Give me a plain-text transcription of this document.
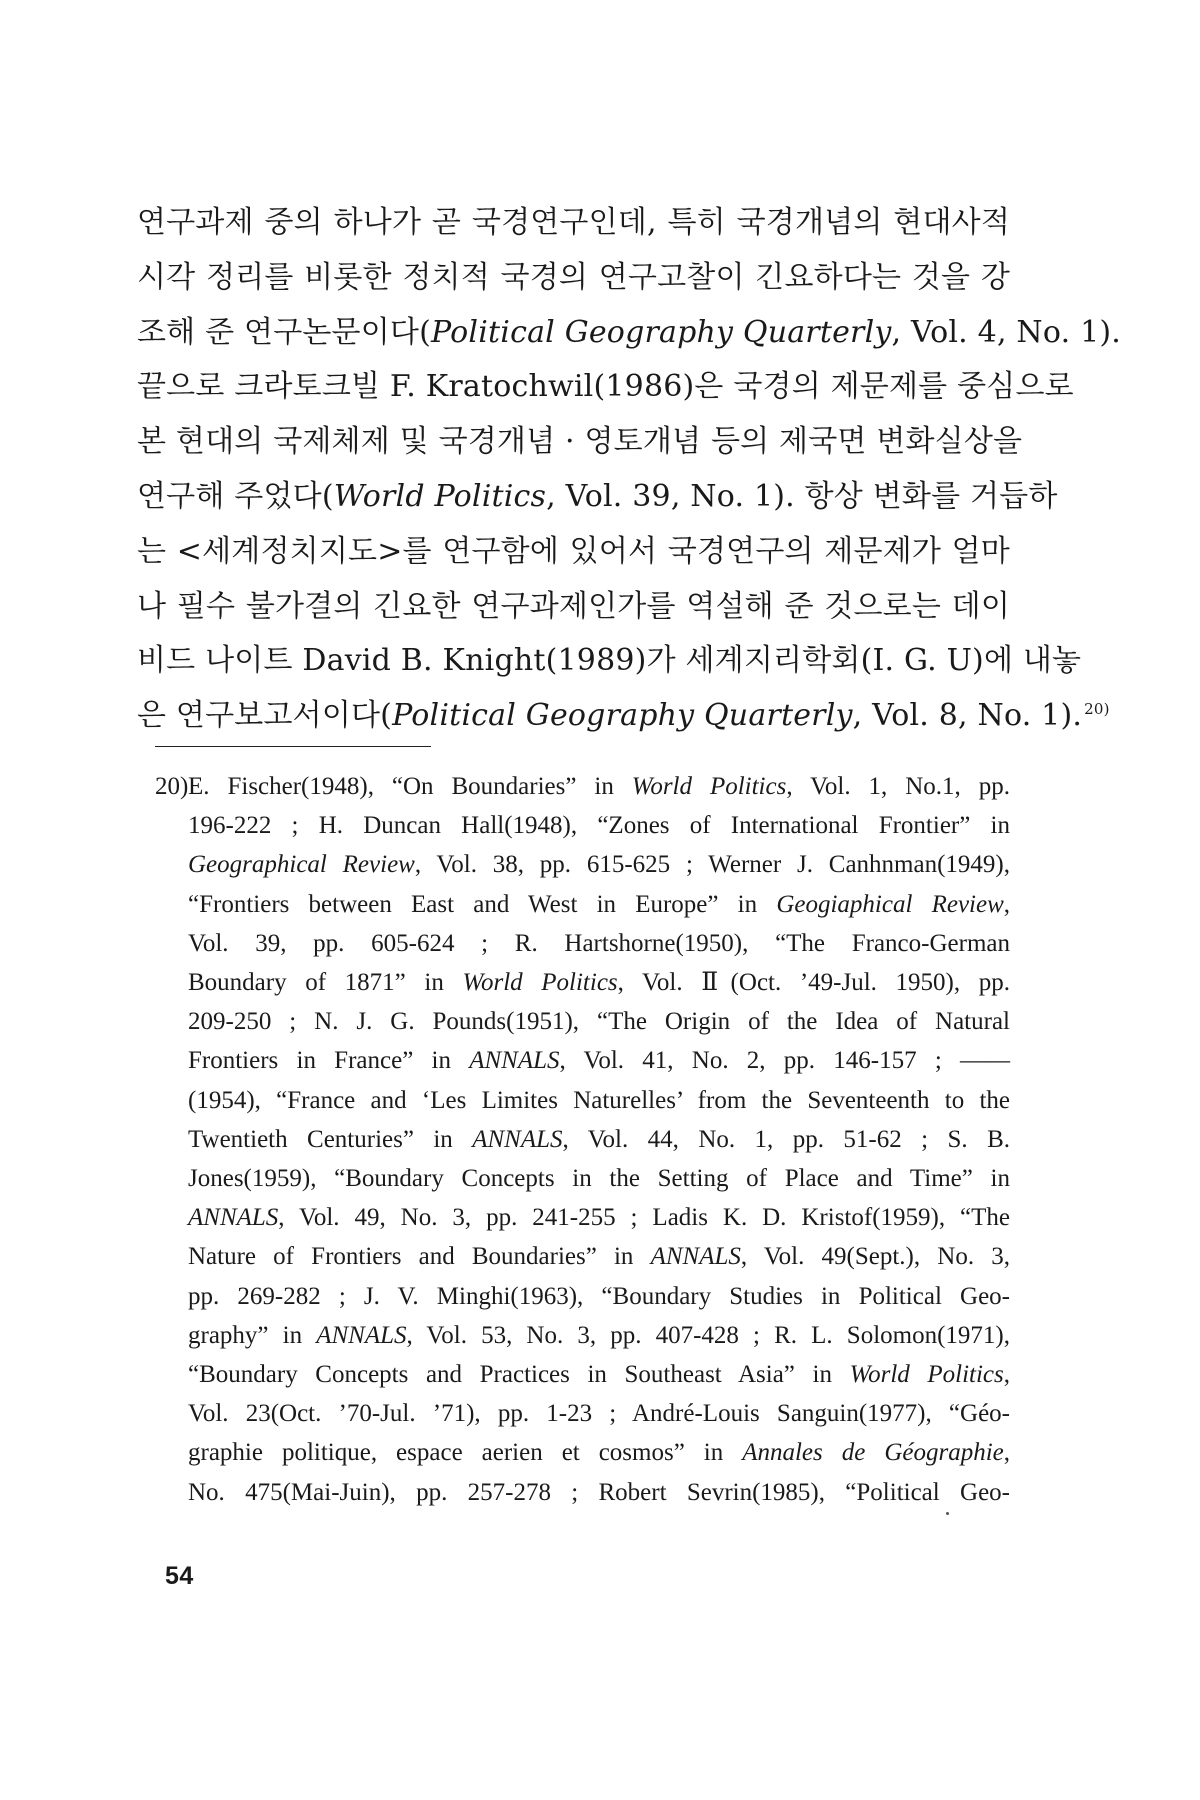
연구과제 중의 하나가 곧 국경연구인데, 특히 국경개념의 현대사적
시각 정리를 비롯한 정치적 국경의 연구고찰이 긴요하다는 것을 강
조해 준 연구논문이다(Political Geography Quarterly, Vol. 4, No. 1).
끝으로 크라토크빌 F. Kratochwil(1986)은 국경의 제문제를 중심으로
본 현대의 국제체제 및 국경개념 · 영토개념 등의 제국면 변화실상을
연구해 주었다(World Politics, Vol. 39, No. 1). 항상 변화를 거듭하
는 <세계정치지도>를 연구함에 있어서 국경연구의 제문제가 얼마
나 필수 불가결의 긴요한 연구과제인가를 역설해 준 것으로는 데이
비드 나이트 David B. Knight(1989)가 세계지리학회(I. G. U)에 내놓
은 연구보고서이다(Political Geography Quarterly, Vol. 8, No. 1). $^{20)}$
20) E. Fischer(1948), “On Boundaries” in World Politics, Vol. 1, No.1, pp.
196-222 ; H. Duncan Hall(1948), “Zones of International Frontier” in
Geographical Review, Vol. 38, pp. 615-625 ; Werner J. Canhnman(1949),
“Frontiers between East and West in Europe” in Geogiaphical Review,
Vol. 39, pp. 605-624 ; R. Hartshorne(1950), “The Franco-German
Boundary of 1871” in World Politics, Vol. Ⅱ(Oct. ’49-Jul. 1950), pp.
209-250 ; N. J. G. Pounds(1951), “The Origin of the Idea of Natural
Frontiers in France” in ANNALS, Vol. 41, No. 2, pp. 146-157 ; ――
(1954), “France and ‘Les Limites Naturelles’ from the Seventeenth to the
Twentieth Centuries” in ANNALS, Vol. 44, No. 1, pp. 51-62 ; S. B.
Jones(1959), “Boundary Concepts in the Setting of Place and Time” in
ANNALS, Vol. 49, No. 3, pp. 241-255 ; Ladis K. D. Kristof(1959), “The
Nature of Frontiers and Boundaries” in ANNALS, Vol. 49(Sept.), No. 3,
pp. 269-282 ; J. V. Minghi(1963), “Boundary Studies in Political Geo-
graphy” in ANNALS, Vol. 53, No. 3, pp. 407-428 ; R. L. Solomon(1971),
“Boundary Concepts and Practices in Southeast Asia” in World Politics,
Vol. 23(Oct. ’70-Jul. ’71), pp. 1-23 ; André-Louis Sanguin(1977), “Géo-
graphie politique, espace aerien et cosmos” in Annales de Géographie,
No. 475(Mai-Juin), pp. 257-278 ; Robert Sevrin(1985), “Political Geo-
54
